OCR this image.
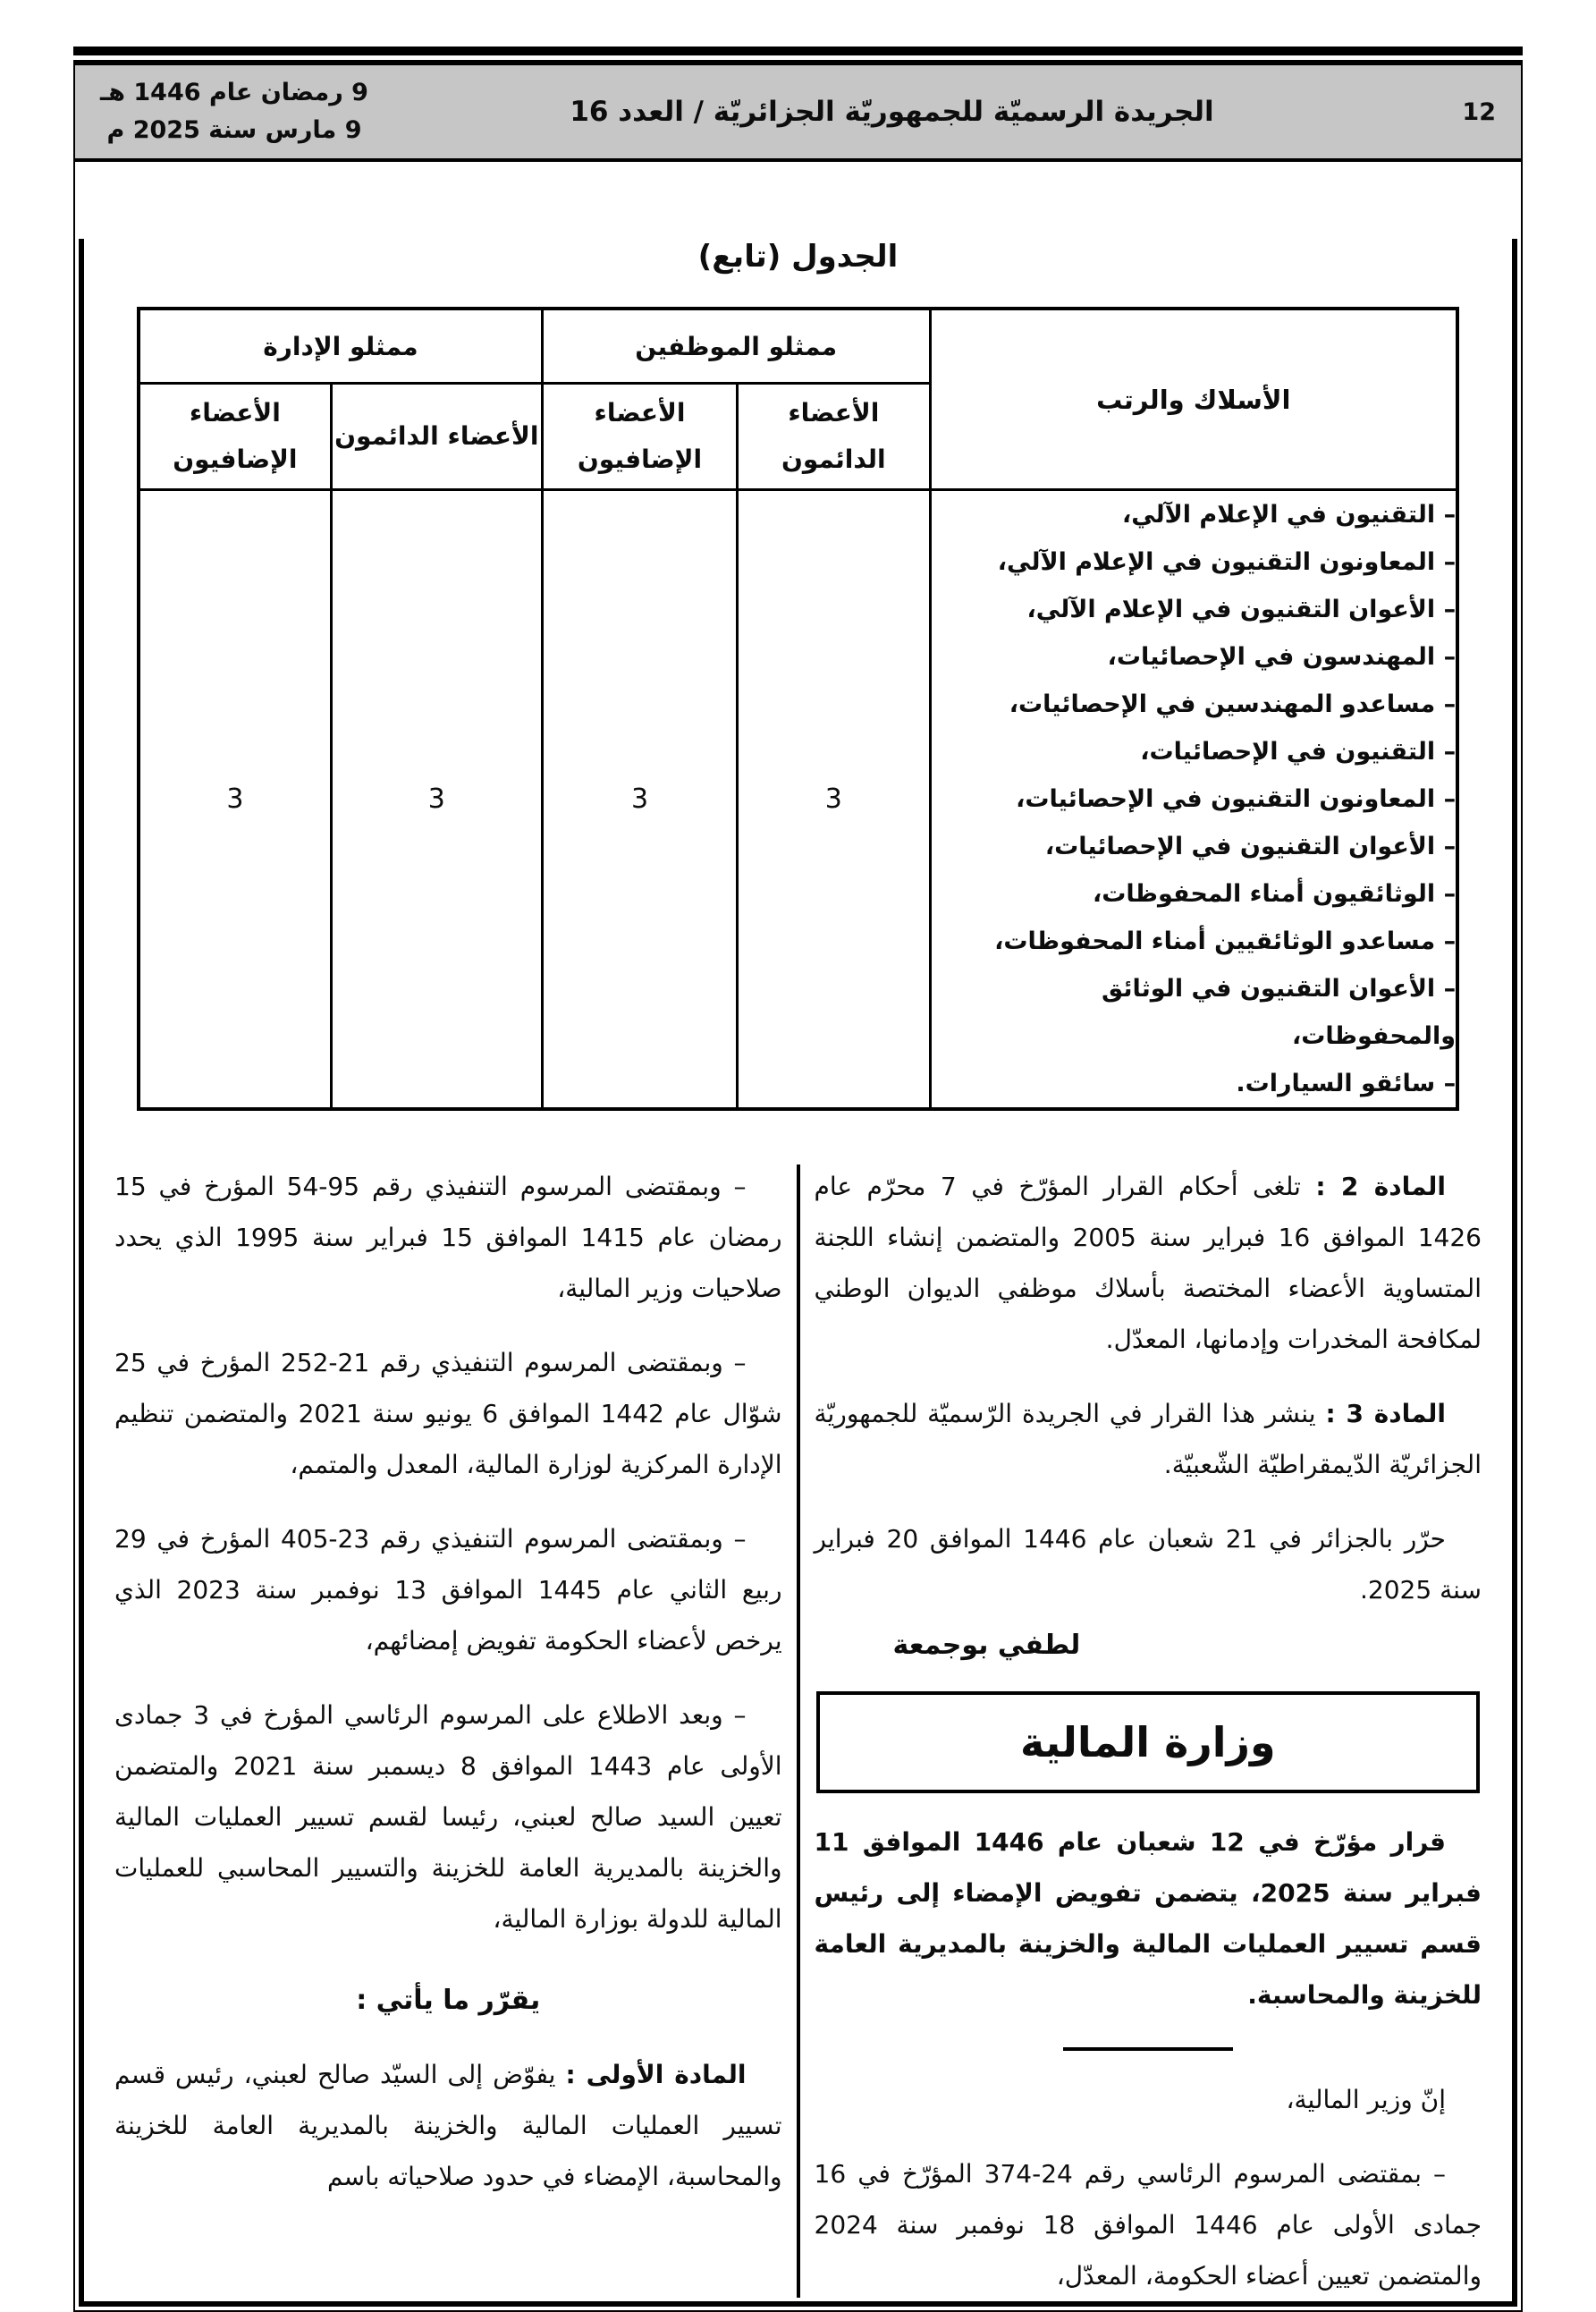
12
الجريدة الرسميّة للجمهوريّة الجزائريّة / العدد 16
9 رمضان عام 1446 هـ
9 مارس سنة 2025 م
الجدول (تابع)
الأسلاك والرتب	ممثلو الموظفين		ممثلو الإدارة	
	الأعضاء الدائمون	الأعضاء الإضافيون	الأعضاء الدائمون	الأعضاء الإضافيون

– التقنيون في الإعلام الآلي،
– المعاونون التقنيون في الإعلام الآلي،
– الأعوان التقنيون في الإعلام الآلي،
– المهندسون في الإحصائيات،
– مساعدو المهندسين في الإحصائيات،
– التقنيون في الإحصائيات،
– المعاونون التقنيون في الإحصائيات،
– الأعوان التقنيون في الإحصائيات،
– الوثائقيون أمناء المحفوظات،
– مساعدو الوثائقيين أمناء المحفوظات،
– الأعوان التقنيون في الوثائق والمحفوظات،
– سائقو السيارات.
	3	3	3	3

المادة 2 : تلغى أحكام القرار المؤرّخ في 7 محرّم عام 1426 الموافق 16 فبراير سنة 2005 والمتضمن إنشاء اللجنة المتساوية الأعضاء المختصة بأسلاك موظفي الديوان الوطني لمكافحة المخدرات وإدمانها، المعدّل.

المادة 3 : ينشر هذا القرار في الجريدة الرّسميّة للجمهوريّة الجزائريّة الدّيمقراطيّة الشّعبيّة.

حرّر بالجزائر في 21 شعبان عام 1446 الموافق 20 فبراير سنة 2025.

لطفي بوجمعة
وزارة المالية

قرار مؤرّخ في 12 شعبان عام 1446 الموافق 11 فبراير سنة 2025، يتضمن تفويض الإمضاء إلى رئيس قسم تسيير العمليات المالية والخزينة بالمديرية العامة للخزينة والمحاسبة.

إنّ وزير المالية،

– بمقتضى المرسوم الرئاسي رقم 24‏-‏374 المؤرّخ في 16 جمادى الأولى عام 1446 الموافق 18 نوفمبر سنة 2024 والمتضمن تعيين أعضاء الحكومة، المعدّل،

– وبمقتضى المرسوم التنفيذي رقم 95‏-‏54 المؤرخ في 15 رمضان عام 1415 الموافق 15 فبراير سنة 1995 الذي يحدد صلاحيات وزير المالية،

– وبمقتضى المرسوم التنفيذي رقم 21‏-‏252 المؤرخ في 25 شوّال عام 1442 الموافق 6 يونيو سنة 2021 والمتضمن تنظيم الإدارة المركزية لوزارة المالية، المعدل والمتمم،

– وبمقتضى المرسوم التنفيذي رقم 23‏-‏405 المؤرخ في 29 ربيع الثاني عام 1445 الموافق 13 نوفمبر سنة 2023 الذي يرخص لأعضاء الحكومة تفويض إمضائهم،

– وبعد الاطلاع على المرسوم الرئاسي المؤرخ في 3 جمادى الأولى عام 1443 الموافق 8 ديسمبر سنة 2021 والمتضمن تعيين السيد صالح لعبني، رئيسا لقسم تسيير العمليات المالية والخزينة بالمديرية العامة للخزينة والتسيير المحاسبي للعمليات المالية للدولة بوزارة المالية،

يقرّر ما يأتي :

المادة الأولى : يفوّض إلى السيّد صالح لعبني، رئيس قسم تسيير العمليات المالية والخزينة بالمديرية العامة للخزينة والمحاسبة، الإمضاء في حدود صلاحياته باسم
